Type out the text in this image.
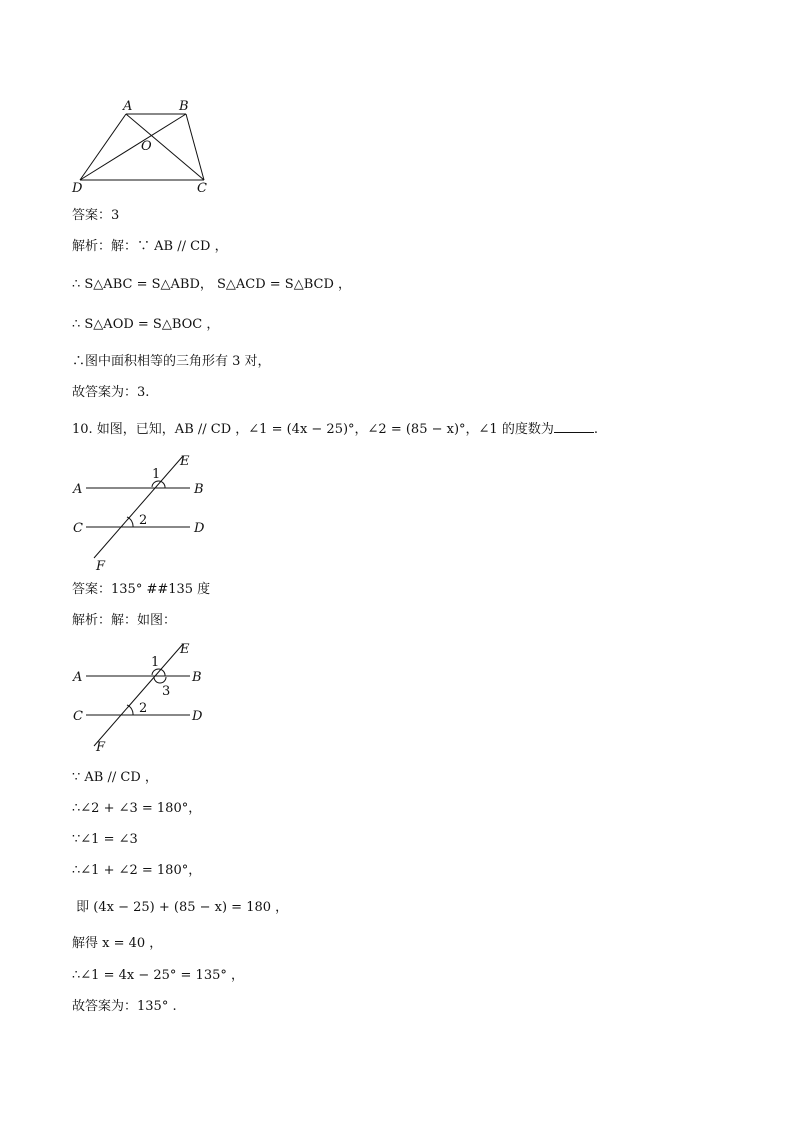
A	B
O
D	C
答案：3
解析：解：∵ AB // CD ，
∴ S△ABC = S△ABD， S△ACD = S△BCD ，
∴ S△AOD = S△BOC ，
∴图中面积相等的三角形有 3 对，
故答案为：3.
10. 如图，已知，AB // CD ，∠1 = (4x − 25)°，∠2 = (85 − x)°，∠1 的度数为	.
E
1
A	B
C
2
D
F
答案：135° ##135 度
解析：解：如图：
E
1
A	B
3
C
2
D
F
∵ AB // CD ，
∴∠2 + ∠3 = 180°，
∵∠1 = ∠3
∴∠1 + ∠2 = 180°，
即 (4x − 25) + (85 − x) = 180 ，
解得 x = 40 ，
∴∠1 = 4x − 25° = 135° ，
故答案为：135° .
